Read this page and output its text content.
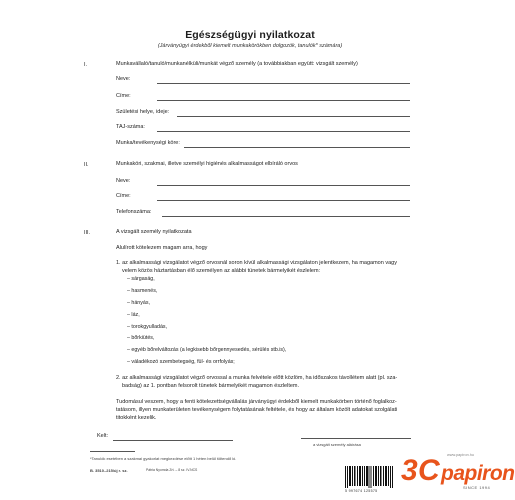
Egészségügyi nyilatkozat
(Járványügyi érdekből kiemelt munkakörökben dolgozók, tanulók* számára)
I.	Munkavállaló/tanuló/munkanélküli/munkát végző személy (a továbbiakban együtt: vizsgált személy)
Neve:
Címe:
Születési helye, ideje:
TAJ-száma:
Munka/tevékenységi köre:
II.	Munkaköri, szakmai, illetve személyi higiénés alkalmasságot elbíráló orvos
Neve:
Címe:
Telefonszáma:
III.	A vizsgált személy nyilatkozata
Alulírott kötelezem magam arra, hogy
1. az alkalmassági vizsgálatot végző orvosnál soron kívül alkalmassági vizsgálaton jelentkezem, ha magamon vagy
velem közös háztartásban élő személyen az alábbi tünetek bármelyikét észlelem:
– sárgaság,
– hasmenés,
– hányás,
– láz,
– torokgyulladás,
– bőrkiütés,
– egyéb bőrelváltozás (a legkisebb bőrgennyesedés, sérülés stb.is),
– váladékozó szembetegség, fül- és orrfolyás;
2. az alkalmassági vizsgálatot végző orvossal a munka felvétele előtt közlöm, ha időszakos távollétem alatt (pl. sza-
badság) az 1. pontban felsorolt tünetek bármelyikét magamon észleltem.
Tudomásul veszem, hogy a fenti kötelezettségvállalás járványügyi érdekből kiemelt munkakörben történő foglalkoz-
tatásom, illyen munkaterületen tevékenységem folytatásának feltétele, és hogy az általam közölt adatokat szolgálati
titokként kezelik.
Kelt:
a vizsgált személy aláírása
*Tanulók esetében a szakmai gyakorlat megkezdése előtt 1 héten belül töltendő ki.
B. 3510–215/új r. sz.	Pátria Nyomda Zrt. – 8 sz. IV.NCS
5 997674 125575
www.papiron.hu
3 C papiron
SINCE 1994
